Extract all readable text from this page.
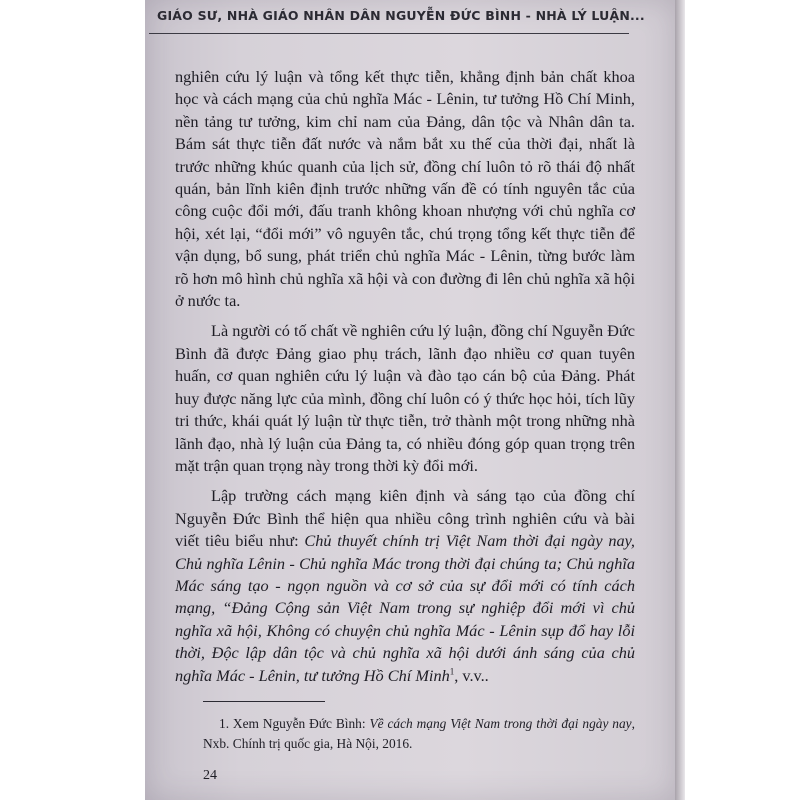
GIÁO SƯ, NHÀ GIÁO NHÂN DÂN NGUYỄN ĐỨC BÌNH - NHÀ LÝ LUẬN...

nghiên cứu lý luận và tổng kết thực tiễn, khẳng định bản chất khoa học và cách mạng của chủ nghĩa Mác - Lênin, tư tưởng Hồ Chí Minh, nền tảng tư tưởng, kim chỉ nam của Đảng, dân tộc và Nhân dân ta. Bám sát thực tiễn đất nước và nắm bắt xu thế của thời đại, nhất là trước những khúc quanh của lịch sử, đồng chí luôn tỏ rõ thái độ nhất quán, bản lĩnh kiên định trước những vấn đề có tính nguyên tắc của công cuộc đổi mới, đấu tranh không khoan nhượng với chủ nghĩa cơ hội, xét lại, “đổi mới” vô nguyên tắc, chú trọng tổng kết thực tiễn để vận dụng, bổ sung, phát triển chủ nghĩa Mác - Lênin, từng bước làm rõ hơn mô hình chủ nghĩa xã hội và con đường đi lên chủ nghĩa xã hội ở nước ta.

Là người có tố chất về nghiên cứu lý luận, đồng chí Nguyễn Đức Bình đã được Đảng giao phụ trách, lãnh đạo nhiều cơ quan tuyên huấn, cơ quan nghiên cứu lý luận và đào tạo cán bộ của Đảng. Phát huy được năng lực của mình, đồng chí luôn có ý thức học hỏi, tích lũy tri thức, khái quát lý luận từ thực tiễn, trở thành một trong những nhà lãnh đạo, nhà lý luận của Đảng ta, có nhiều đóng góp quan trọng trên mặt trận quan trọng này trong thời kỳ đổi mới.

Lập trường cách mạng kiên định và sáng tạo của đồng chí Nguyễn Đức Bình thể hiện qua nhiều công trình nghiên cứu và bài viết tiêu biểu như: Chủ thuyết chính trị Việt Nam thời đại ngày nay, Chủ nghĩa Lênin - Chủ nghĩa Mác trong thời đại chúng ta; Chủ nghĩa Mác sáng tạo - ngọn nguồn và cơ sở của sự đổi mới có tính cách mạng, “Đảng Cộng sản Việt Nam trong sự nghiệp đổi mới vì chủ nghĩa xã hội, Không có chuyện chủ nghĩa Mác - Lênin sụp đổ hay lỗi thời, Độc lập dân tộc và chủ nghĩa xã hội dưới ánh sáng của chủ nghĩa Mác - Lênin, tư tưởng Hồ Chí Minh$^1$, v.v..

1. Xem Nguyễn Đức Bình: Về cách mạng Việt Nam trong thời đại ngày nay, Nxb. Chính trị quốc gia, Hà Nội, 2016.
24
